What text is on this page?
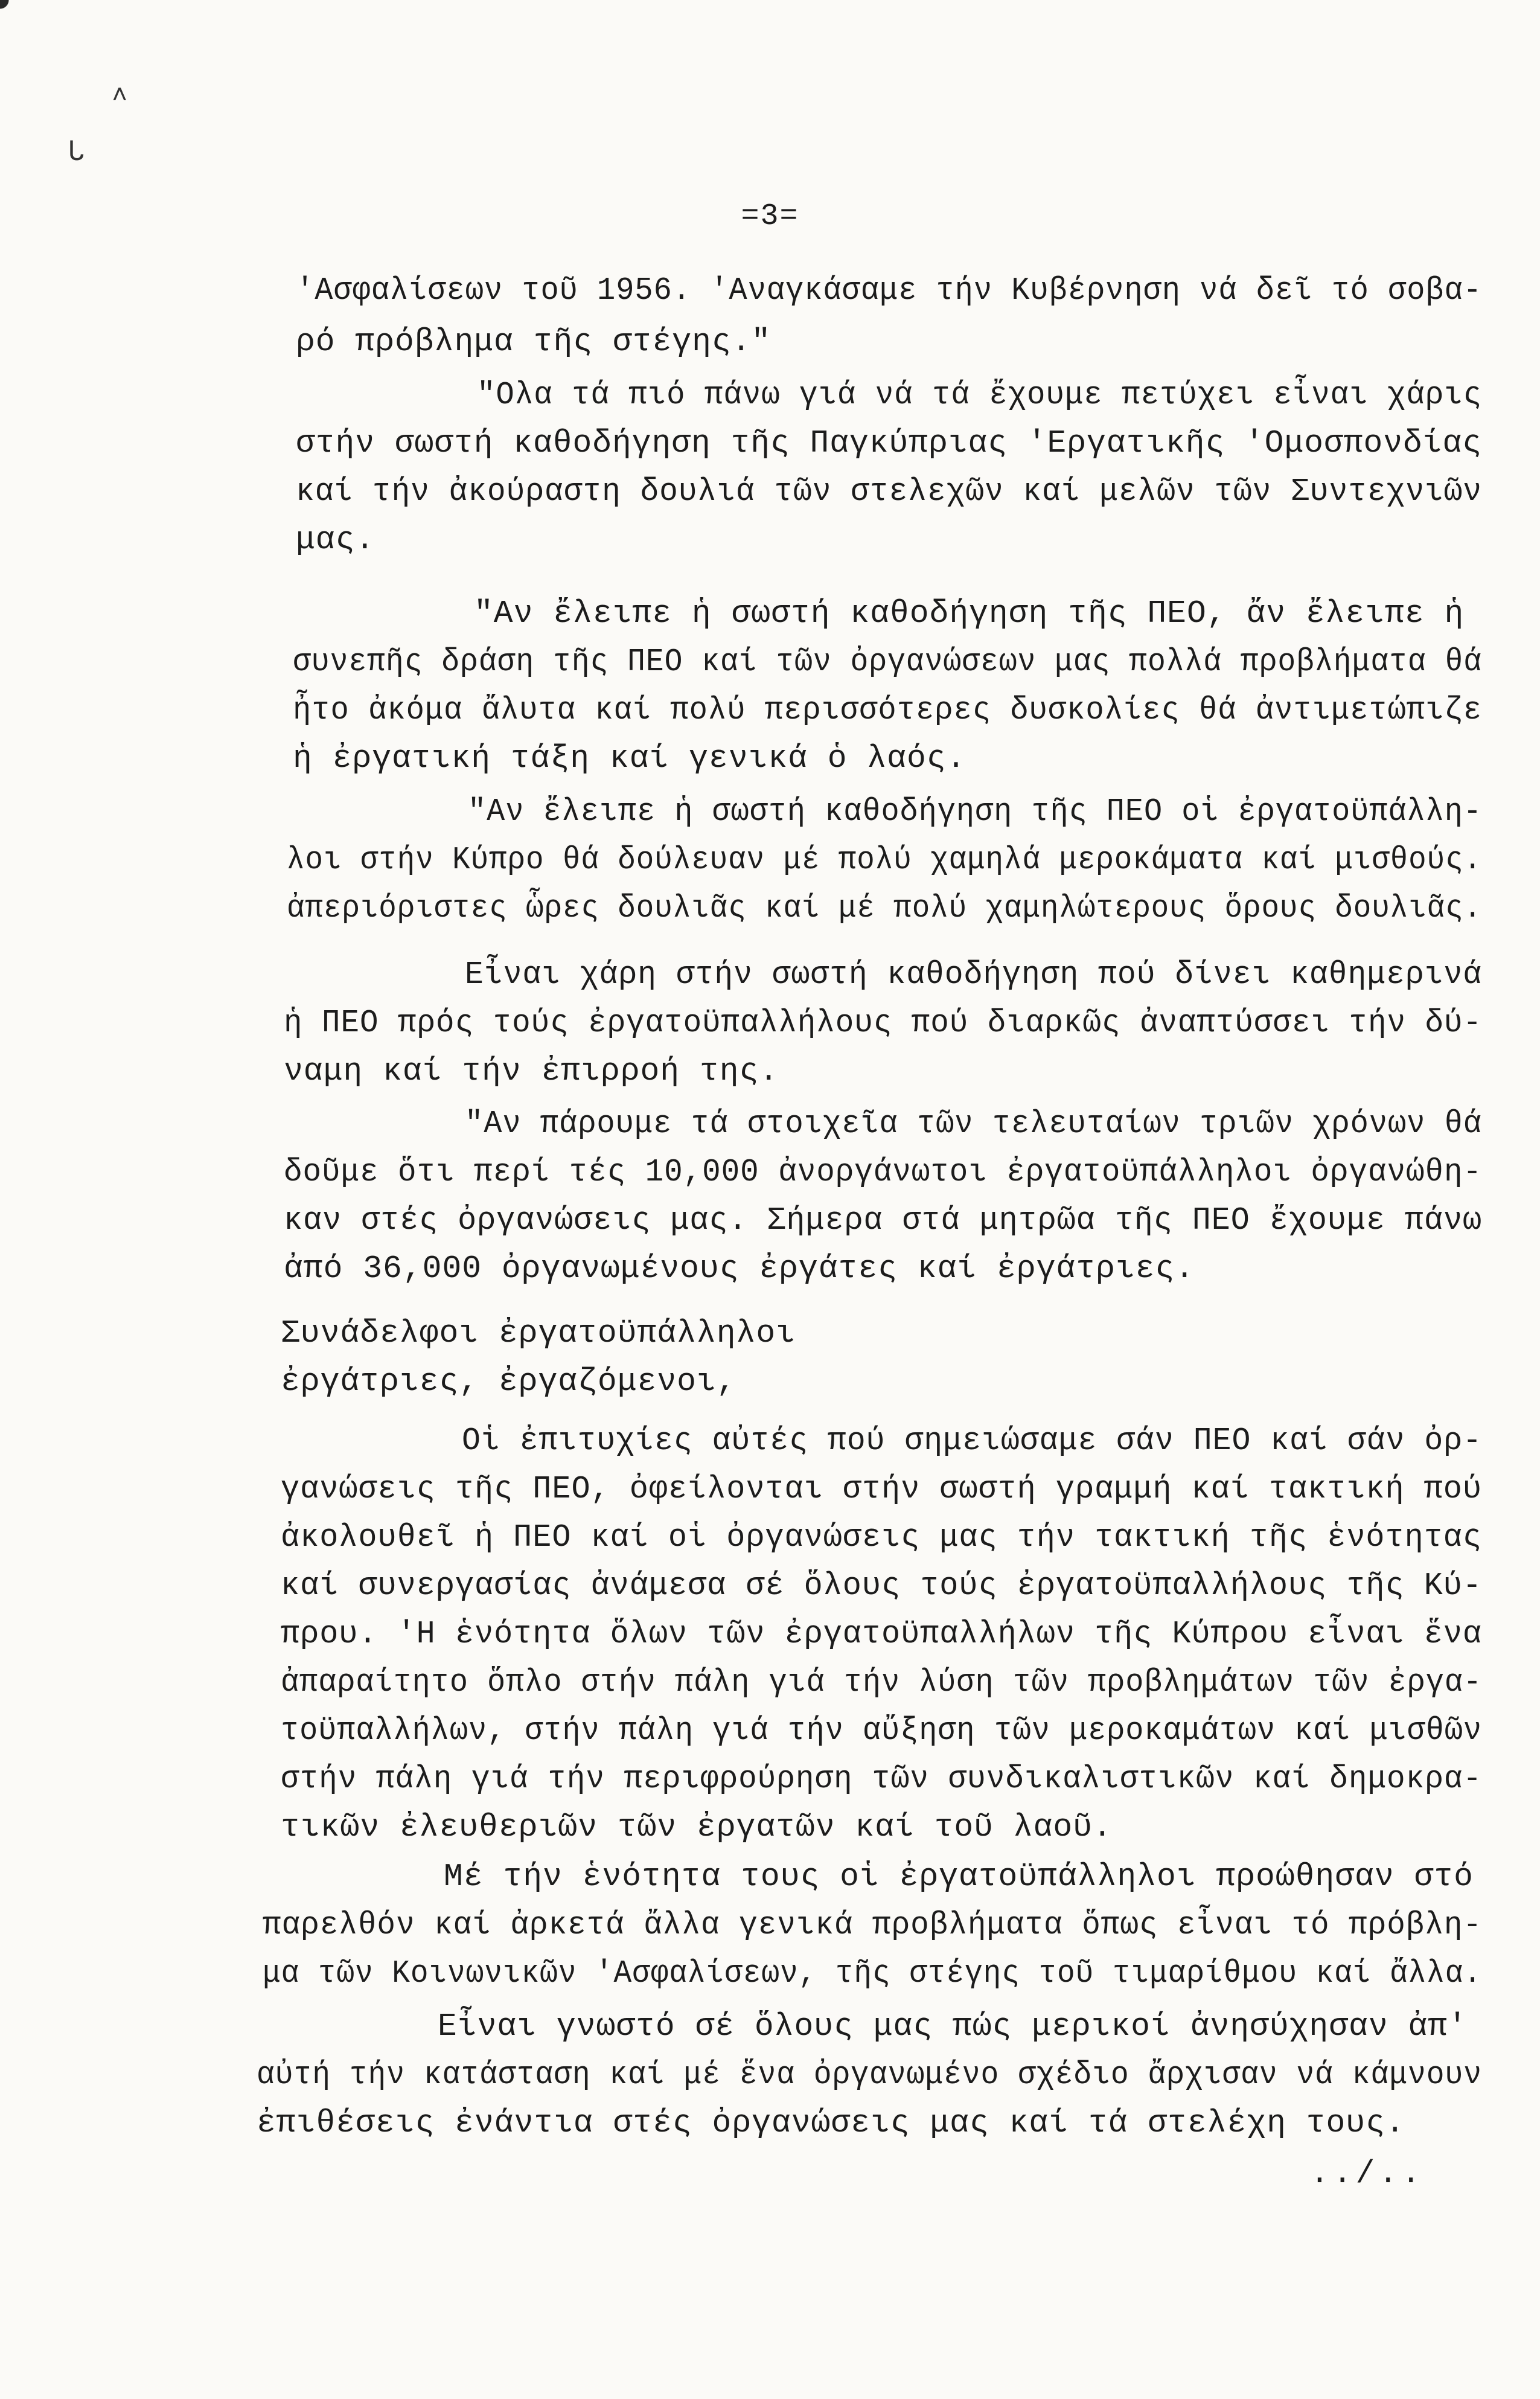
˄
ᒐ
=3=
'Ασφαλίσεων τοῦ 1956. 'Αναγκάσαμε τήν Κυβέρνηση νά δεῖ τό σοβα-
ρό πρόβλημα τῆς στέγης."
"Ολα τά πιό πάνω γιά νά τά ἔχουμε πετύχει εἶναι χάρις
στήν σωστή καθοδήγηση τῆς Παγκύπριας 'Εργατικῆς 'Ομοσπονδίας
καί τήν ἀκούραστη δουλιά τῶν στελεχῶν καί μελῶν τῶν Συντεχνιῶν
μας.
"Αν ἔλειπε ἡ σωστή καθοδήγηση τῆς ΠΕΟ, ἄν ἔλειπε ἡ
συνεπῆς δράση τῆς ΠΕΟ καί τῶν ὀργανώσεων μας πολλά προβλήματα θά
ἦτο ἀκόμα ἄλυτα καί πολύ περισσότερες δυσκολίες θά ἀντιμετώπιζε
ἡ ἐργατική τάξη καί γενικά ὁ λαός.
"Αν ἔλειπε ἡ σωστή καθοδήγηση τῆς ΠΕΟ οἱ ἐργατοϋπάλλη-
λοι στήν Κύπρο θά δούλευαν μέ πολύ χαμηλά μεροκάματα καί μισθούς.
ἀπεριόριστες ὧρες δουλιᾶς καί μέ πολύ χαμηλώτερους ὅρους δουλιᾶς.
Εἶναι χάρη στήν σωστή καθοδήγηση πού δίνει καθημερινά
ἡ ΠΕΟ πρός τούς ἐργατοϋπαλλήλους πού διαρκῶς ἀναπτύσσει τήν δύ-
ναμη καί τήν ἐπιρροή της.
"Αν πάρουμε τά στοιχεῖα τῶν τελευταίων τριῶν χρόνων θά
δοῦμε ὅτι περί τές 10,000 ἀνοργάνωτοι ἐργατοϋπάλληλοι ὀργανώθη-
καν στές ὀργανώσεις μας. Σήμερα στά μητρῶα τῆς ΠΕΟ ἔχουμε πάνω
ἀπό 36,000 ὀργανωμένους ἐργάτες καί ἐργάτριες.
Συνάδελφοι ἐργατοϋπάλληλοι
ἐργάτριες, ἐργαζόμενοι,
Οἱ ἐπιτυχίες αὐτές πού σημειώσαμε σάν ΠΕΟ καί σάν ὀρ-
γανώσεις τῆς ΠΕΟ, ὀφείλονται στήν σωστή γραμμή καί τακτική πού
ἀκολουθεῖ ἡ ΠΕΟ καί οἱ ὀργανώσεις μας τήν τακτική τῆς ἑνότητας
καί συνεργασίας ἀνάμεσα σέ ὅλους τούς ἐργατοϋπαλλήλους τῆς Κύ-
πρου. 'Η ἑνότητα ὅλων τῶν ἐργατοϋπαλλήλων τῆς Κύπρου εἶναι ἕνα
ἀπαραίτητο ὅπλο στήν πάλη γιά τήν λύση τῶν προβλημάτων τῶν ἐργα-
τοϋπαλλήλων, στήν πάλη γιά τήν αὔξηση τῶν μεροκαμάτων καί μισθῶν
στήν πάλη γιά τήν περιφρούρηση τῶν συνδικαλιστικῶν καί δημοκρα-
τικῶν ἐλευθεριῶν τῶν ἐργατῶν καί τοῦ λαοῦ.
Μέ τήν ἑνότητα τους οἱ ἐργατοϋπάλληλοι προώθησαν στό
παρελθόν καί ἀρκετά ἄλλα γενικά προβλήματα ὅπως εἶναι τό πρόβλη-
μα τῶν Κοινωνικῶν 'Ασφαλίσεων, τῆς στέγης τοῦ τιμαρίθμου καί ἄλλα.
Εἶναι γνωστό σέ ὅλους μας πώς μερικοί ἀνησύχησαν ἀπ'
αὐτή τήν κατάσταση καί μέ ἕνα ὀργανωμένο σχέδιο ἄρχισαν νά κάμνουν
ἐπιθέσεις ἐνάντια στές ὀργανώσεις μας καί τά στελέχη τους.
../..
